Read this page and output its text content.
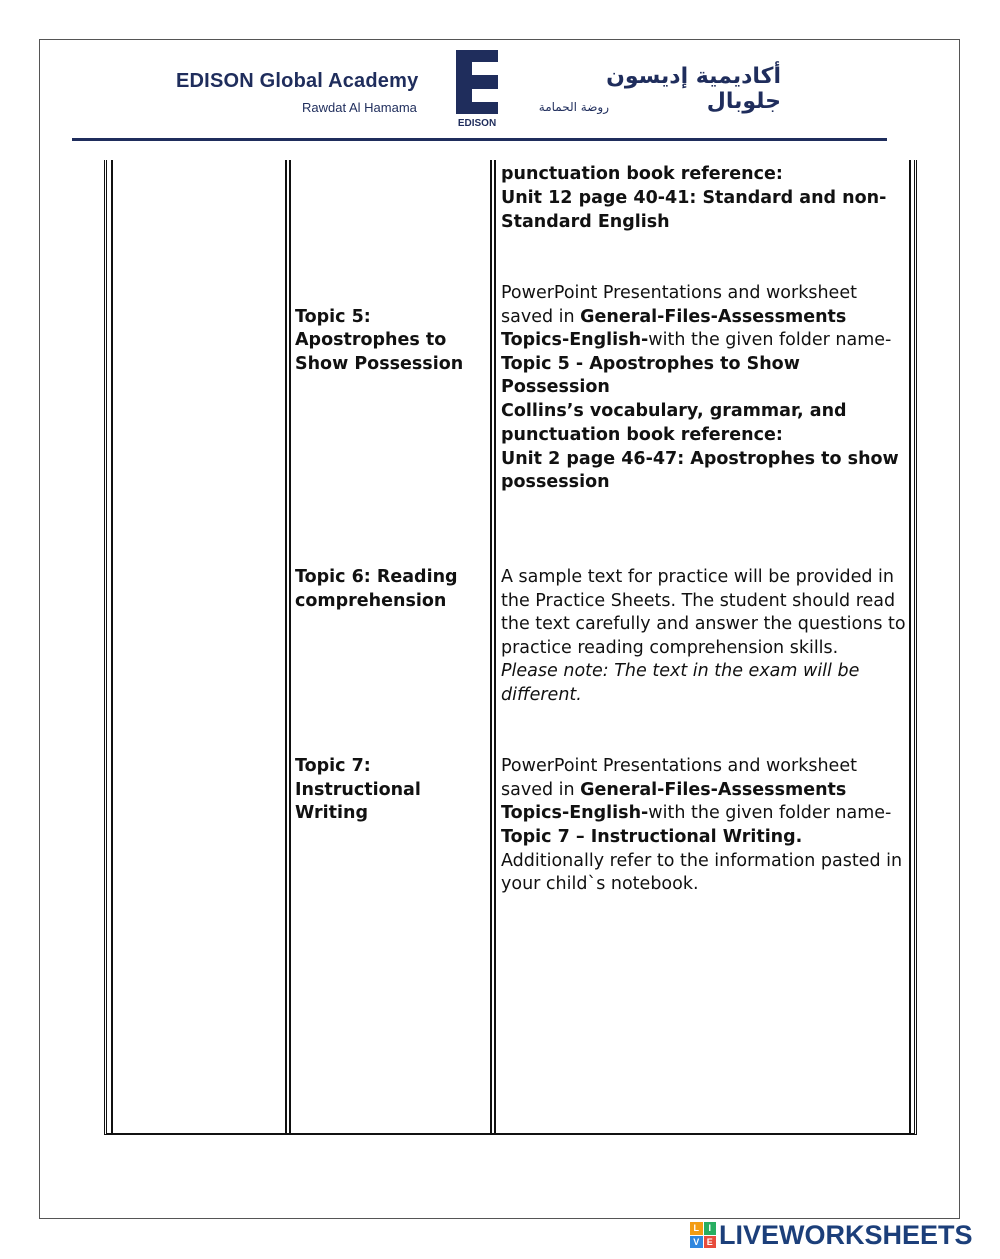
EDISON Global Academy
Rawdat Al Hamama
EDISON
أكاديمية إديسون جلوبال
روضة الحمامة
punctuation book reference:
Unit 12 page 40-41: Standard and non-
Standard English
Topic 5:
Apostrophes to
Show Possession
PowerPoint Presentations and worksheet
saved in General-Files-Assessments
Topics-English-with the given folder name-
Topic 5 - Apostrophes to Show
Possession
Collins’s vocabulary, grammar, and
punctuation book reference:
Unit 2 page 46-47: Apostrophes to show
possession
Topic 6: Reading
comprehension
A sample text for practice will be provided in
the Practice Sheets. The student should read
the text carefully and answer the questions to
practice reading comprehension skills.
Please note: The text in the exam will be
different.
Topic 7:
Instructional
Writing
PowerPoint Presentations and worksheet
saved in General-Files-Assessments
Topics-English-with the given folder name-
Topic 7 – Instructional Writing.
Additionally refer to the information pasted in
your child`s notebook.
L	I
V E LIVEWORKSHEETS
